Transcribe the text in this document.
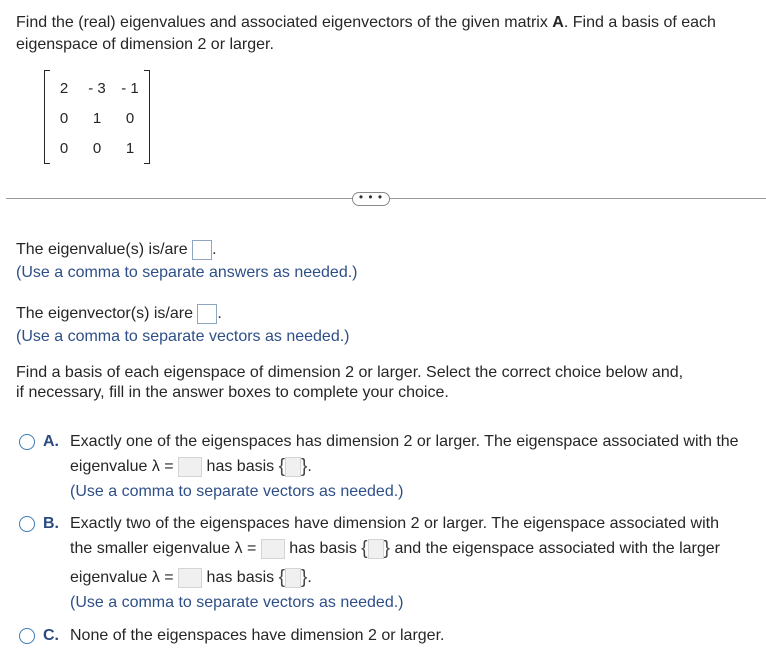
Find the (real) eigenvalues and associated eigenvectors of the given matrix A. Find a basis of each eigenspace of dimension 2 or larger.
2	- 3	- 1
0	1	0
0	0	1
• • •
The eigenvalue(s) is/are .
(Use a comma to separate answers as needed.)
The eigenvector(s) is/are .
(Use a comma to separate vectors as needed.)
Find a basis of each eigenspace of dimension 2 or larger. Select the correct choice below and,
if necessary, fill in the answer boxes to complete your choice.
A. Exactly one of the eigenspaces has dimension 2 or larger. The eigenspace associated with the
eigenvalue λ = has basis { }.
(Use a comma to separate vectors as needed.)
B. Exactly two of the eigenspaces have dimension 2 or larger. The eigenspace associated with
the smaller eigenvalue λ = has basis { } and the eigenspace associated with the larger
eigenvalue λ = has basis { }.
(Use a comma to separate vectors as needed.)
C. None of the eigenspaces have dimension 2 or larger.
